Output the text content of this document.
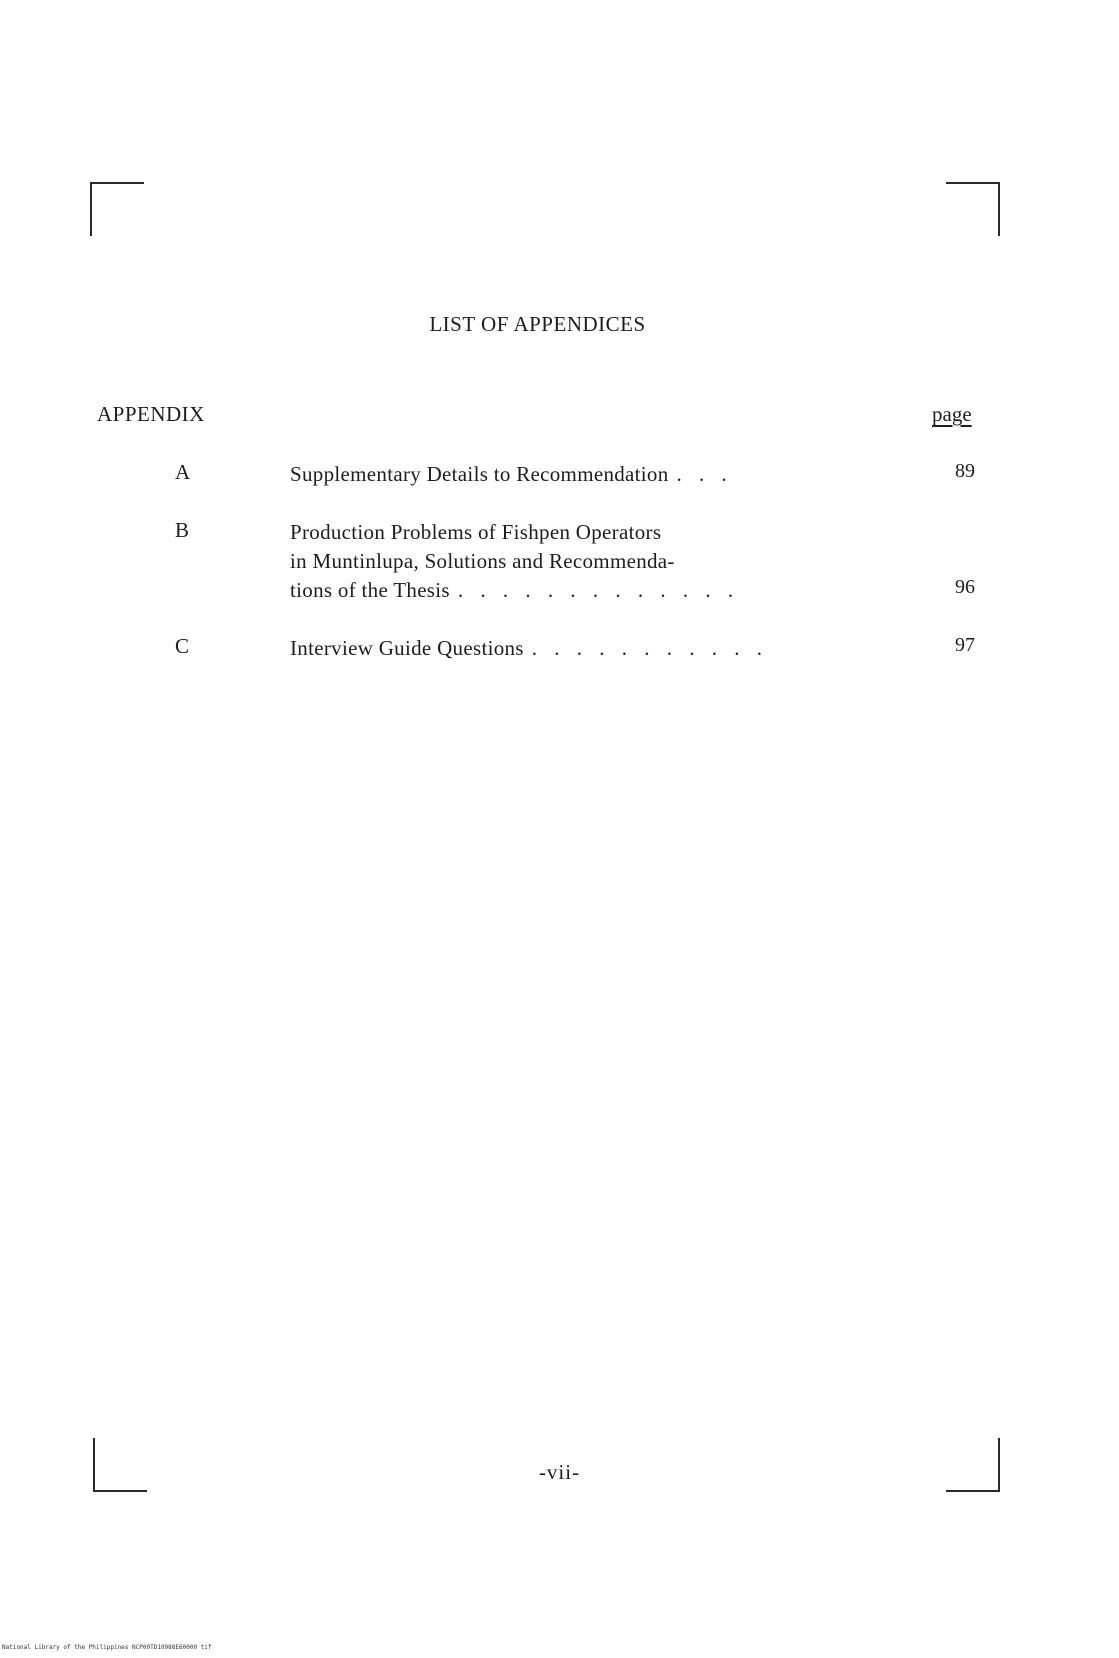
LIST OF APPENDICES
APPENDIX	page
A	Supplementary Details to Recommendation . . .	89
B	Production Problems of Fishpen Operators
in Muntinlupa, Solutions and Recommenda-
tions of the Thesis . . . . . . . . . . . . .	96
C	Interview Guide Questions . . . . . . . . . . .	97
-vii-
National Library of the Philippines NCP00TD10988E60000 tif
